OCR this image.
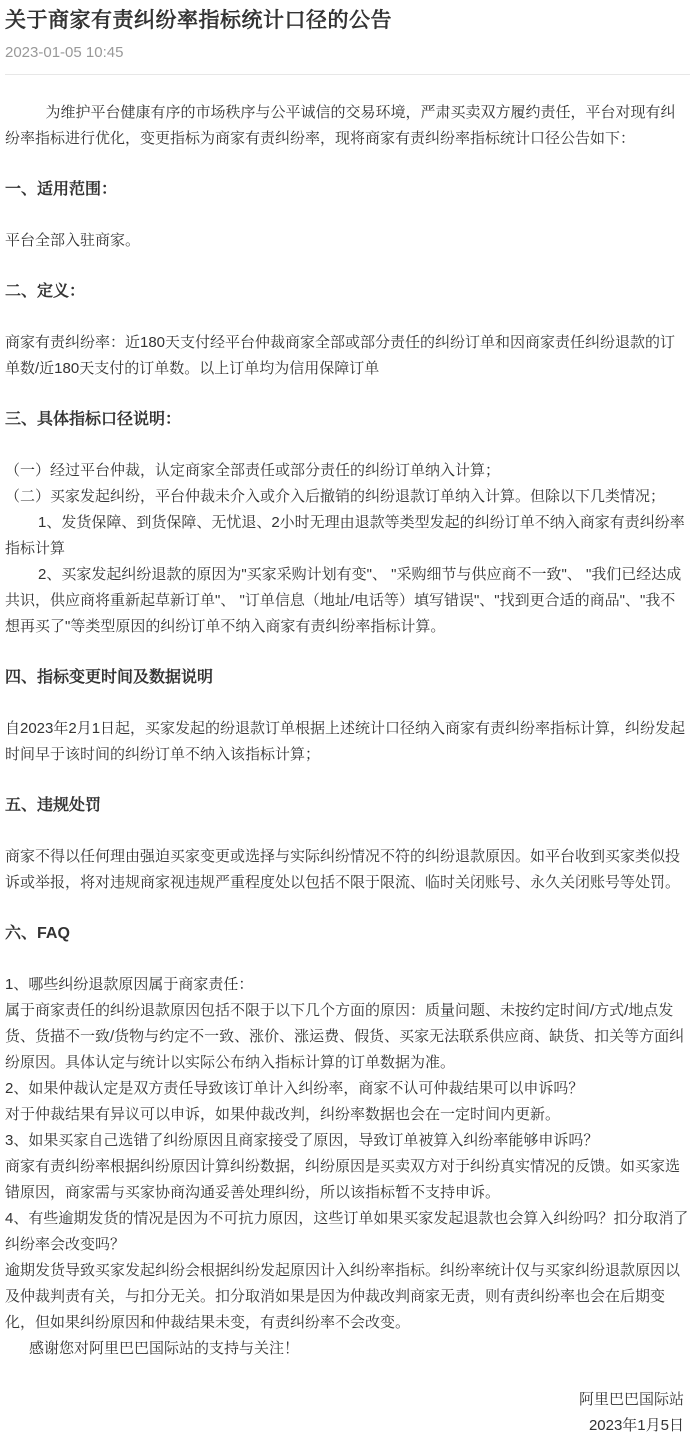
关于商家有责纠纷率指标统计口径的公告
2023-01-05 10:45
为维护平台健康有序的市场秩序与公平诚信的交易环境，严肃买卖双方履约责任，平台对现有纠纷率指标进行优化，变更指标为商家有责纠纷率，现将商家有责纠纷率指标统计口径公告如下：
一、适用范围：
平台全部入驻商家。
二、定义：
商家有责纠纷率：近180天支付经平台仲裁商家全部或部分责任的纠纷订单和因商家责任纠纷退款的订单数/近180天支付的订单数。以上订单均为信用保障订单
三、具体指标口径说明：
（一）经过平台仲裁，认定商家全部责任或部分责任的纠纷订单纳入计算；
（二）买家发起纠纷，平台仲裁未介入或介入后撤销的纠纷退款订单纳入计算。但除以下几类情况；
1、发货保障、到货保障、无忧退、2小时无理由退款等类型发起的纠纷订单不纳入商家有责纠纷率指标计算
2、买家发起纠纷退款的原因为"买家采购计划有变"、 "采购细节与供应商不一致"、 "我们已经达成共识，供应商将重新起草新订单"、 "订单信息（地址/电话等）填写错误"、"找到更合适的商品"、"我不想再买了"等类型原因的纠纷订单不纳入商家有责纠纷率指标计算。
四、指标变更时间及数据说明
自2023年2月1日起，买家发起的纷退款订单根据上述统计口径纳入商家有责纠纷率指标计算，纠纷发起时间早于该时间的纠纷订单不纳入该指标计算；
五、违规处罚
商家不得以任何理由强迫买家变更或选择与实际纠纷情况不符的纠纷退款原因。如平台收到买家类似投诉或举报，将对违规商家视违规严重程度处以包括不限于限流、临时关闭账号、永久关闭账号等处罚。
六、FAQ
1、哪些纠纷退款原因属于商家责任：
属于商家责任的纠纷退款原因包括不限于以下几个方面的原因：质量问题、未按约定时间/方式/地点发货、货描不一致/货物与约定不一致、涨价、涨运费、假货、买家无法联系供应商、缺货、扣关等方面纠纷原因。具体认定与统计以实际公布纳入指标计算的订单数据为准。
2、如果仲裁认定是双方责任导致该订单计入纠纷率，商家不认可仲裁结果可以申诉吗？
对于仲裁结果有异议可以申诉，如果仲裁改判，纠纷率数据也会在一定时间内更新。
3、如果买家自己选错了纠纷原因且商家接受了原因，导致订单被算入纠纷率能够申诉吗？
商家有责纠纷率根据纠纷原因计算纠纷数据，纠纷原因是买卖双方对于纠纷真实情况的反馈。如买家选错原因，商家需与买家协商沟通妥善处理纠纷，所以该指标暂不支持申诉。
4、有些逾期发货的情况是因为不可抗力原因，这些订单如果买家发起退款也会算入纠纷吗？扣分取消了纠纷率会改变吗？
逾期发货导致买家发起纠纷会根据纠纷发起原因计入纠纷率指标。纠纷率统计仅与买家纠纷退款原因以及仲裁判责有关，与扣分无关。扣分取消如果是因为仲裁改判商家无责，则有责纠纷率也会在后期变化，但如果纠纷原因和仲裁结果未变，有责纠纷率不会改变。
感谢您对阿里巴巴国际站的支持与关注！
阿里巴巴国际站
2023年1月5日
